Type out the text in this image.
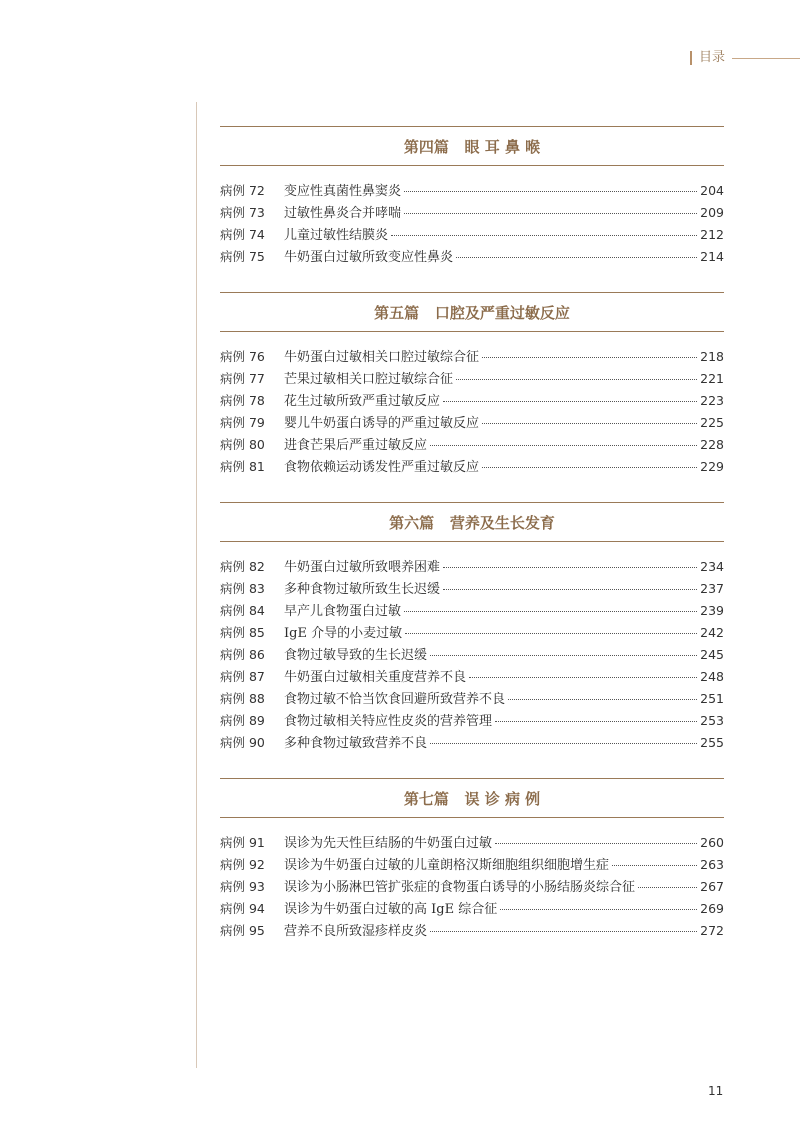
目录
第四篇   眼 耳 鼻 喉
病例 72	变应性真菌性鼻窦炎	204
病例 73	过敏性鼻炎合并哮喘	209
病例 74	儿童过敏性结膜炎	212
病例 75	牛奶蛋白过敏所致变应性鼻炎	214
第五篇   口腔及严重过敏反应
病例 76	牛奶蛋白过敏相关口腔过敏综合征	218
病例 77	芒果过敏相关口腔过敏综合征	221
病例 78	花生过敏所致严重过敏反应	223
病例 79	婴儿牛奶蛋白诱导的严重过敏反应	225
病例 80	进食芒果后严重过敏反应	228
病例 81	食物依赖运动诱发性严重过敏反应	229
第六篇   营养及生长发育
病例 82	牛奶蛋白过敏所致喂养困难	234
病例 83	多种食物过敏所致生长迟缓	237
病例 84	早产儿食物蛋白过敏	239
病例 85	IgE 介导的小麦过敏	242
病例 86	食物过敏导致的生长迟缓	245
病例 87	牛奶蛋白过敏相关重度营养不良	248
病例 88	食物过敏不恰当饮食回避所致营养不良	251
病例 89	食物过敏相关特应性皮炎的营养管理	253
病例 90	多种食物过敏致营养不良	255
第七篇   误 诊 病 例
病例 91	误诊为先天性巨结肠的牛奶蛋白过敏	260
病例 92	误诊为牛奶蛋白过敏的儿童朗格汉斯细胞组织细胞增生症	263
病例 93	误诊为小肠淋巴管扩张症的食物蛋白诱导的小肠结肠炎综合征	267
病例 94	误诊为牛奶蛋白过敏的高 IgE 综合征	269
病例 95	营养不良所致湿疹样皮炎	272
11
